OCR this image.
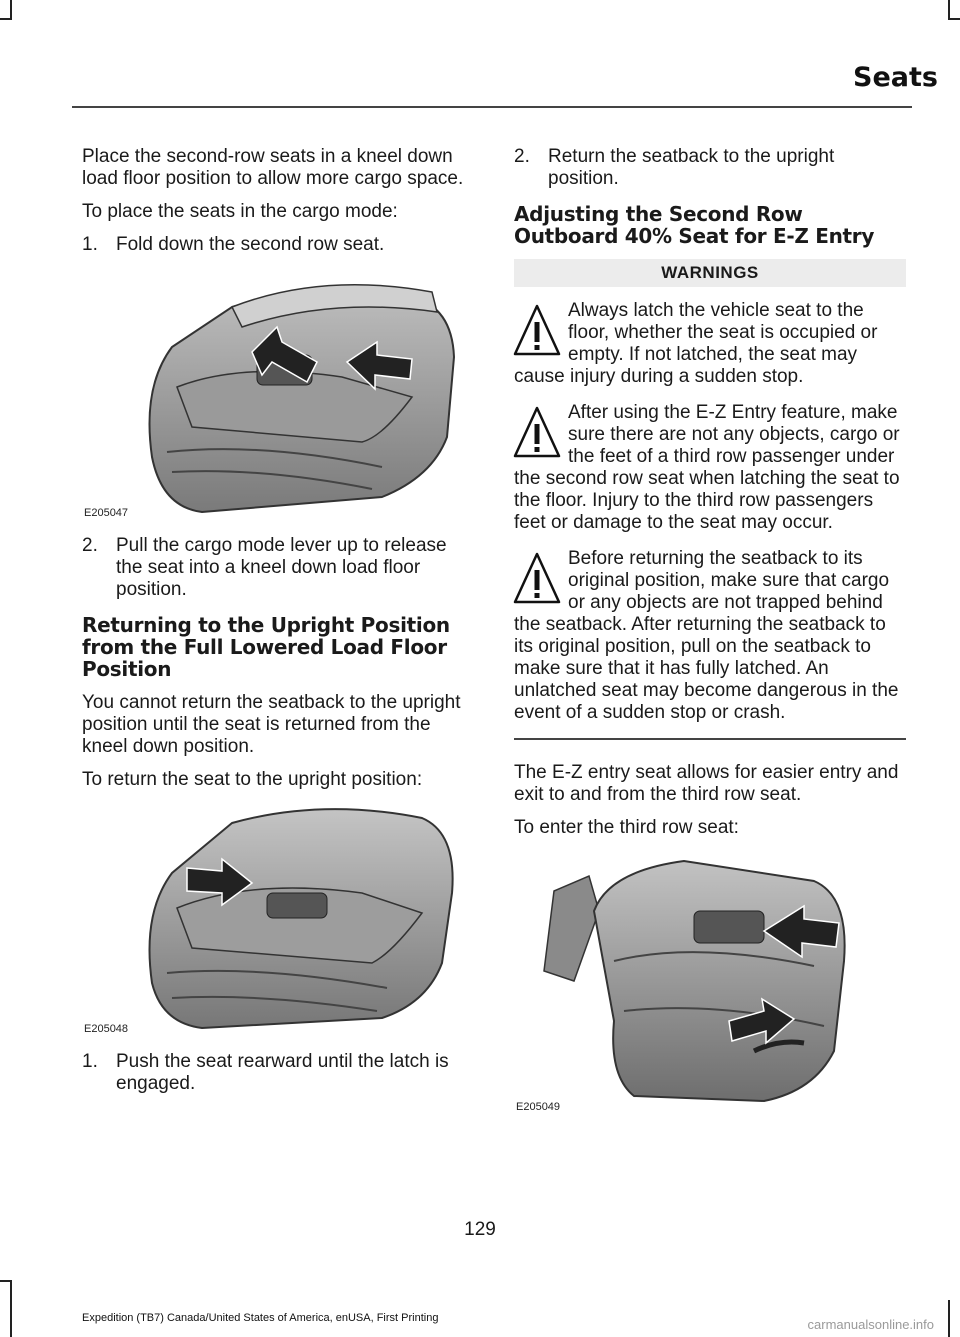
Seats

Place the second-row seats in a kneel down load floor position to allow more cargo space.

To place the seats in the cargo mode:

1. Fold down the second row seat.
E205047
2. Pull the cargo mode lever up to release the seat into a kneel down load floor position.
Returning to the Upright Position from the Full Lowered Load Floor Position

You cannot return the seatback to the upright position until the seat is returned from the kneel down position.

To return the seat to the upright position:

E205048
1. Push the seat rearward until the latch is engaged.
2. Return the seatback to the upright position.
Adjusting the Second Row Outboard 40% Seat for E-Z Entry
WARNINGS
Always latch the vehicle seat to the floor, whether the seat is occupied or empty. If not latched, the seat may cause injury during a sudden stop.
After using the E-Z Entry feature, make sure there are not any objects, cargo or the feet of a third row passenger under the second row seat when latching the seat to the floor. Injury to the third row passengers feet or damage to the seat may occur.
Before returning the seatback to its original position, make sure that cargo or any objects are not trapped behind the seatback. After returning the seatback to its original position, pull on the seatback to make sure that it has fully latched. An unlatched seat may become dangerous in the event of a sudden stop or crash.

The E-Z entry seat allows for easier entry and exit to and from the third row seat.

To enter the third row seat:

E205049
129
Expedition (TB7) Canada/United States of America, enUSA, First Printing	carmanualsonline.info
